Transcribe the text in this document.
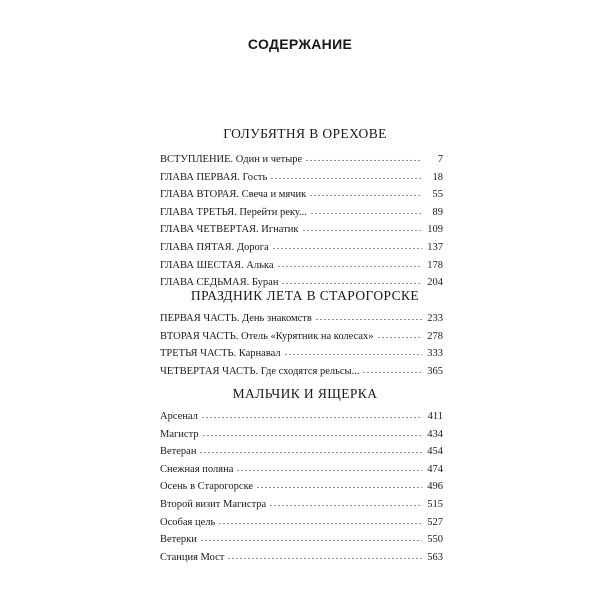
СОДЕРЖАНИЕ
ГОЛУБЯТНЯ В ОРЕХОВЕ
ВСТУПЛЕНИЕ. Один и четыре	7
ГЛАВА ПЕРВАЯ. Гость	18
ГЛАВА ВТОРАЯ. Свеча и мячик	55
ГЛАВА ТРЕТЬЯ. Перейти реку...	89
ГЛАВА ЧЕТВЕРТАЯ. Игнатик	109
ГЛАВА ПЯТАЯ. Дорога	137
ГЛАВА ШЕСТАЯ. Алька	178
ГЛАВА СЕДЬМАЯ. Буран	204
ПРАЗДНИК ЛЕТА В СТАРОГОРСКЕ
ПЕРВАЯ ЧАСТЬ. День знакомств	233
ВТОРАЯ ЧАСТЬ. Отель «Курятник на колесах»	278
ТРЕТЬЯ ЧАСТЬ. Карнавал	333
ЧЕТВЕРТАЯ ЧАСТЬ. Где сходятся рельсы...	365
МАЛЬЧИК И ЯЩЕРКА
Арсенал	411
Магистр	434
Ветеран	454
Снежная поляна	474
Осень в Старогорске	496
Второй визит Магистра	515
Особая цель	527
Ветерки	550
Станция Мост	563
